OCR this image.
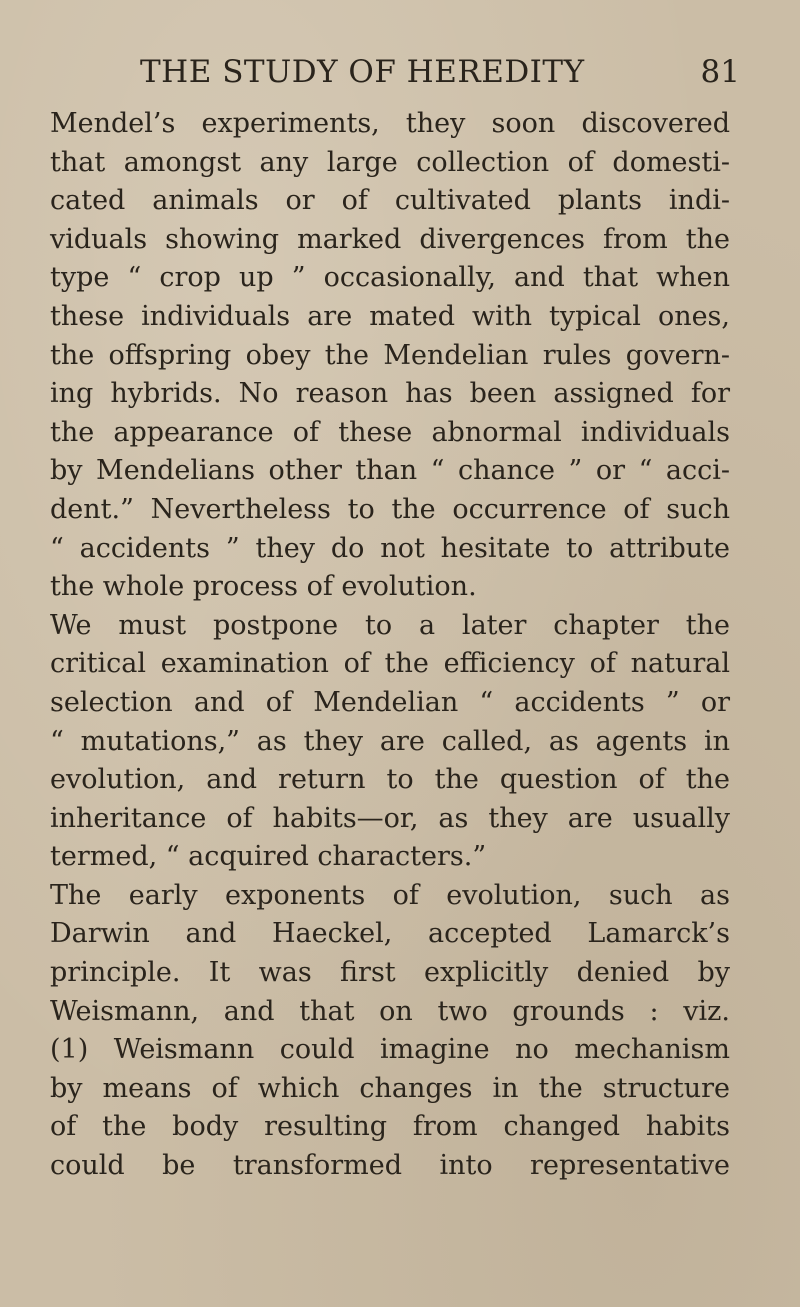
THE STUDY OF HEREDITY	81
Mendel’s experiments, they soon discovered
that amongst any large collection of domesti-
cated animals or of cultivated plants indi-
viduals showing marked divergences from the
type “ crop up ” occasionally, and that when
these individuals are mated with typical ones,
the offspring obey the Mendelian rules govern-
ing hybrids. No reason has been assigned for
the appearance of these abnormal individuals
by Mendelians other than “ chance ” or “ acci-
dent.” Nevertheless to the occurrence of such
“ accidents ” they do not hesitate to attribute
the whole process of evolution.
We must postpone to a later chapter the
critical examination of the efficiency of natural
selection and of Mendelian “ accidents ” or
“ mutations,” as they are called, as agents in
evolution, and return to the question of the
inheritance of habits—or, as they are usually
termed, “ acquired characters.”
The early exponents of evolution, such as
Darwin and Haeckel, accepted Lamarck’s
principle. It was first explicitly denied by
Weismann, and that on two grounds : viz.
(1) Weismann could imagine no mechanism
by means of which changes in the structure
of the body resulting from changed habits
could be transformed into representative
